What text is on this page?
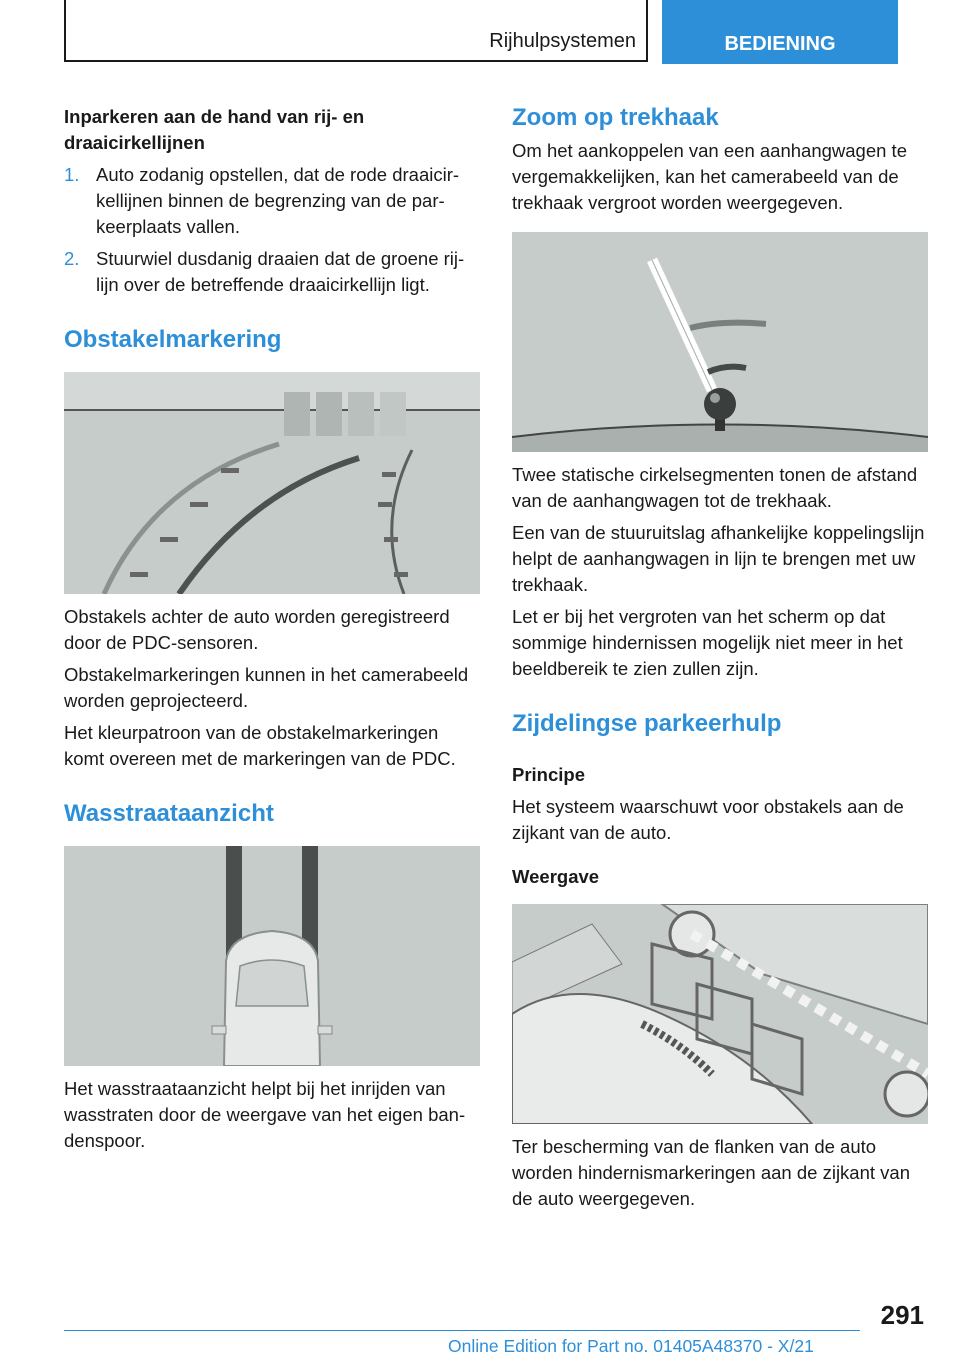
Rijhulpsystemen	BEDIENING
Inparkeren aan de hand van rij- en draaicirkellijnen
1. Auto zodanig opstellen, dat de rode draaicirkellijnen binnen de begrenzing van de parkeerplaats vallen.
2. Stuurwiel dusdanig draaien dat de groene rijlijn over de betreffende draaicirkellijn ligt.
Obstakelmarkering

Obstakels achter de auto worden geregistreerd door de PDC-sensoren.

Obstakelmarkeringen kunnen in het camerabeeld worden geprojecteerd.

Het kleurpatroon van de obstakelmarkeringen komt overeen met de markeringen van de PDC.

Wasstraataanzicht

Het wasstraataanzicht helpt bij het inrijden van wasstraten door de weergave van het eigen bandenspoor.

Zoom op trekhaak

Om het aankoppelen van een aanhangwagen te vergemakkelijken, kan het camerabeeld van de trekhaak vergroot worden weergegeven.

Twee statische cirkelsegmenten tonen de afstand van de aanhangwagen tot de trekhaak.

Een van de stuuruitslag afhankelijke koppelingslijn helpt de aanhangwagen in lijn te brengen met uw trekhaak.

Let er bij het vergroten van het scherm op dat sommige hindernissen mogelijk niet meer in het beeldbereik te zien zullen zijn.

Zijdelingse parkeerhulp
Principe

Het systeem waarschuwt voor obstakels aan de zijkant van de auto.

Weergave

Ter bescherming van de flanken van de auto worden hindernismarkeringen aan de zijkant van de auto weergegeven.

291
Online Edition for Part no. 01405A48370 - X/21
